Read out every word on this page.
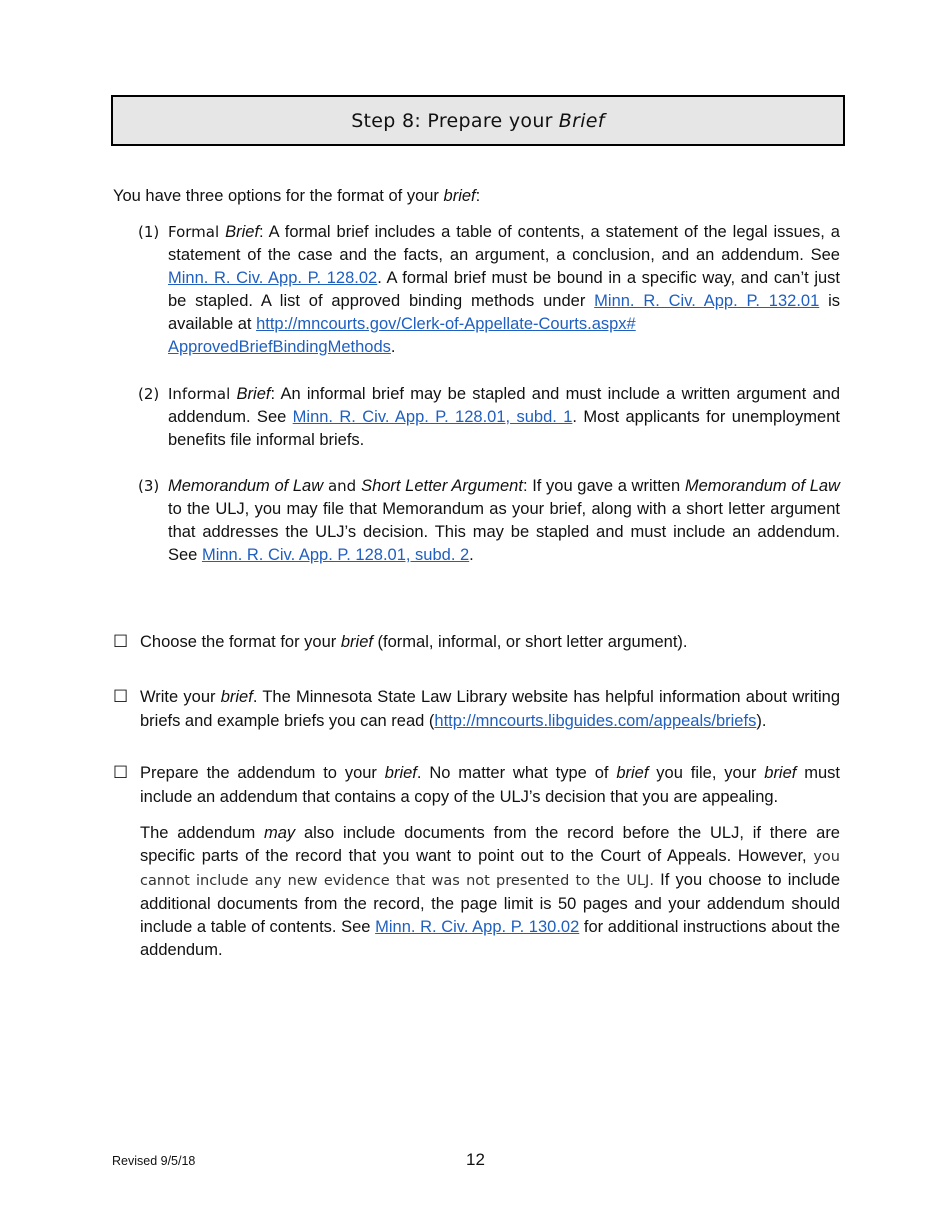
Step 8: Prepare your Brief
You have three options for the format of your brief:
(1) Formal Brief: A formal brief includes a table of contents, a statement of the legal issues, a statement of the case and the facts, an argument, a conclusion, and an addendum. See Minn. R. Civ. App. P. 128.02. A formal brief must be bound in a specific way, and can’t just be stapled. A list of approved binding methods under Minn. R. Civ. App. P. 132.01 is available at http://mncourts.gov/Clerk-of-Appellate-Courts.aspx#
ApprovedBriefBindingMethods.
(2) Informal Brief: An informal brief may be stapled and must include a written argument and addendum. See Minn. R. Civ. App. P. 128.01, subd. 1. Most applicants for unemployment benefits file informal briefs.
(3) Memorandum of Law and Short Letter Argument: If you gave a written Memorandum of Law to the ULJ, you may file that Memorandum as your brief, along with a short letter argument that addresses the ULJ’s decision. This may be stapled and must include an addendum. See Minn. R. Civ. App. P. 128.01, subd. 2.
☐ Choose the format for your brief (formal, informal, or short letter argument).
☐ Write your brief. The Minnesota State Law Library website has helpful information about writing briefs and example briefs you can read (http://mncourts.libguides.com/appeals/briefs).
☐ Prepare the addendum to your brief. No matter what type of brief you file, your brief must include an addendum that contains a copy of the ULJ’s decision that you are appealing.
The addendum may also include documents from the record before the ULJ, if there are specific parts of the record that you want to point out to the Court of Appeals. However, you cannot include any new evidence that was not presented to the ULJ. If you choose to include additional documents from the record, the page limit is 50 pages and your addendum should include a table of contents. See Minn. R. Civ. App. P. 130.02 for additional instructions about the addendum.
Revised 9/5/18	12
